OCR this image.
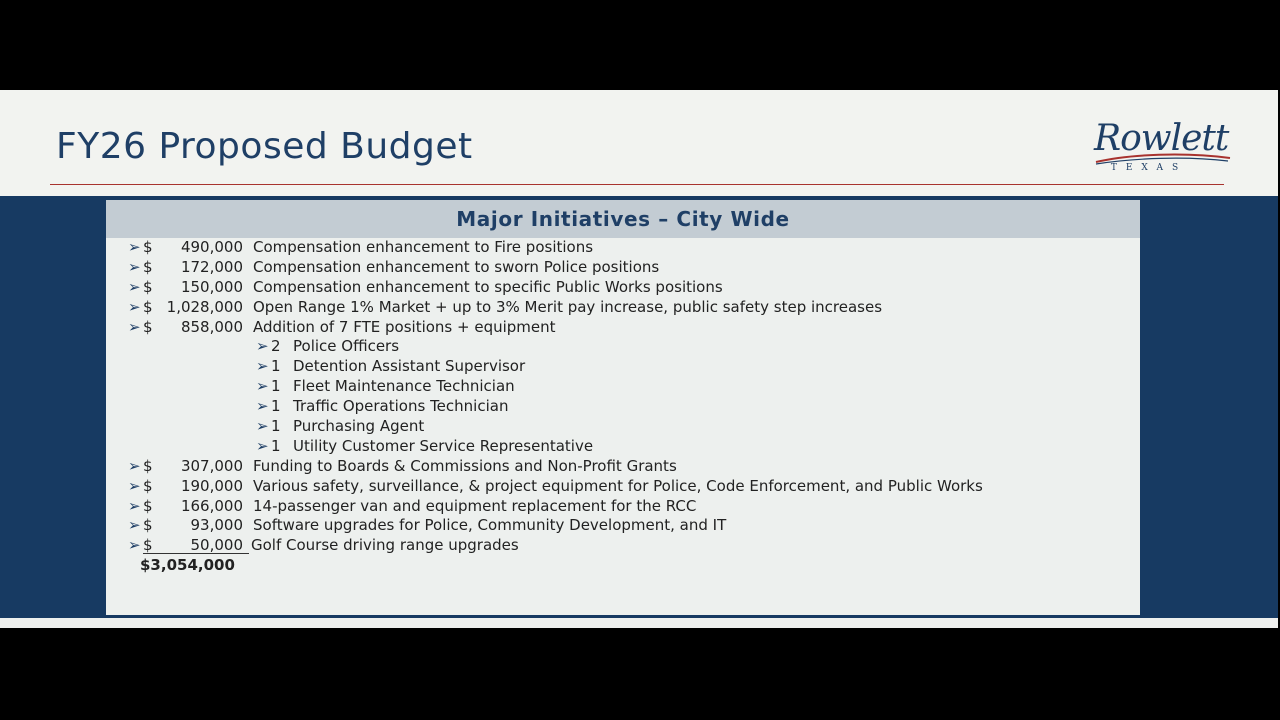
FY26 Proposed Budget	Rowlett
TEXAS
Major Initiatives – City Wide
➢ $ 490,000 Compensation enhancement to Fire positions
➢ $ 172,000 Compensation enhancement to sworn Police positions
➢ $ 150,000 Compensation enhancement to specific Public Works positions
➢ $ 1,028,000 Open Range 1% Market + up to 3% Merit pay increase, public safety step increases
➢ $ 858,000 Addition of 7 FTE positions + equipment
➢ 2 Police Officers
➢ 1 Detention Assistant Supervisor
➢ 1 Fleet Maintenance Technician
➢ 1 Traffic Operations Technician
➢ 1 Purchasing Agent
➢ 1 Utility Customer Service Representative
➢ $ 307,000 Funding to Boards & Commissions and Non-Profit Grants
➢ $ 190,000 Various safety, surveillance, & project equipment for Police, Code Enforcement, and Public Works
➢ $ 166,000 14-passenger van and equipment replacement for the RCC
➢ $	93,000 Software upgrades for Police, Community Development, and IT
➢ $	50,000 Golf Course driving range upgrades
$3,054,000
